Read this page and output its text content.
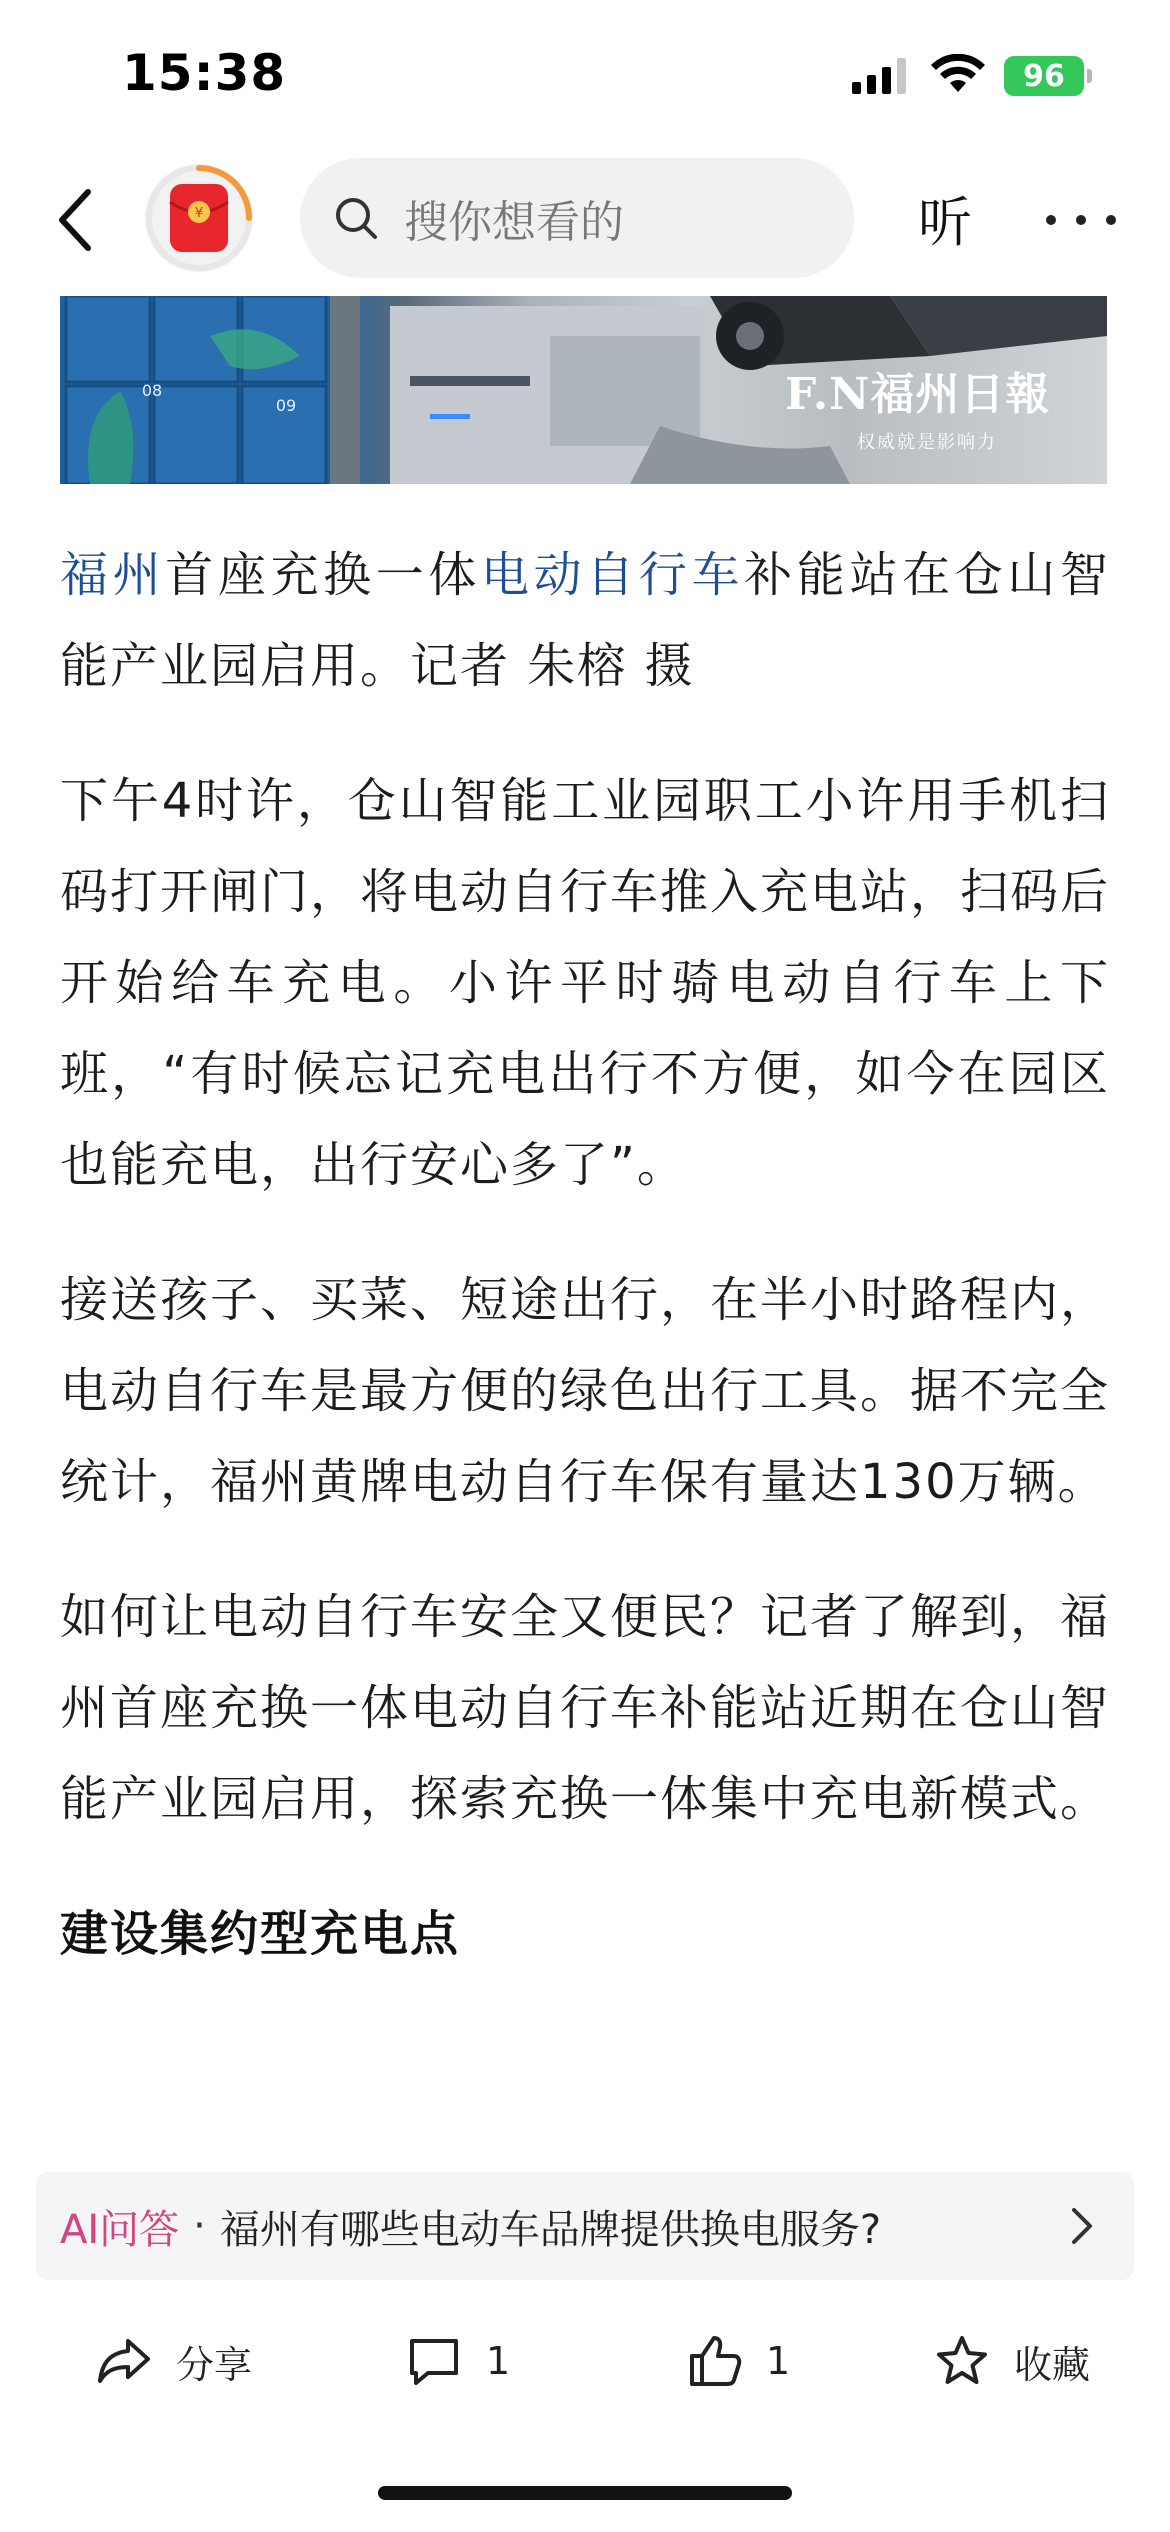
15:38	96
¥	搜你想看的	听
08
09	F.N福州日報
权威就是影响力

福州首座充换一体电动自行车补能站在仓山智能产业园启用。记者 朱榕 摄

下午4时许，仓山智能工业园职工小许用手机扫码打开闸门，将电动自行车推入充电站，扫码后开始给车充电。小许平时骑电动自行车上下班，“有时候忘记充电出行不方便，如今在园区也能充电，出行安心多了”。

接送孩子、买菜、短途出行，在半小时路程内，电动自行车是最方便的绿色出行工具。据不完全统计，福州黄牌电动自行车保有量达130万辆。

如何让电动自行车安全又便民？记者了解到，福州首座充换一体电动自行车补能站近期在仓山智能产业园启用，探索充换一体集中充电新模式。

建设集约型充电点
AI问答 · 福州有哪些电动车品牌提供换电服务?
分享	1	1	收藏
